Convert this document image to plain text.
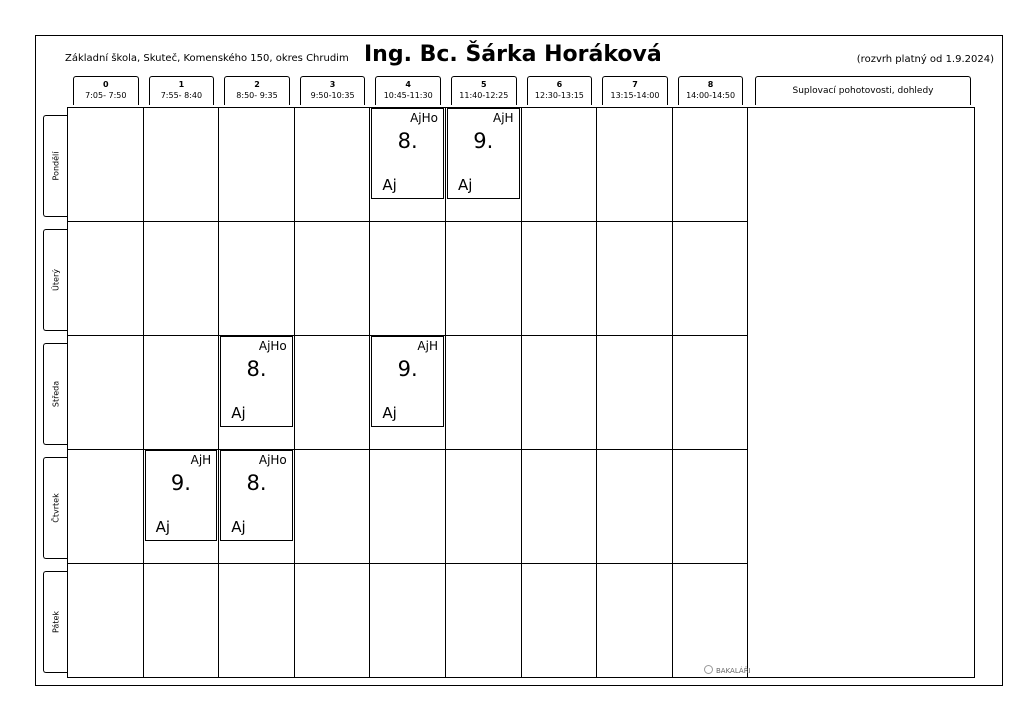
Základní škola, Skuteč, Komenského 150, okres Chrudim Ing. Bc. Šárka Horáková	(rozvrh platný od 1.9.2024)
0
7:05- 7:50
1
7:55- 8:40
2
8:50- 9:35
3
9:50-10:35
4
10:45-11:30
5
11:40-12:25
6
12:30-13:15
7
13:15-14:00
8
14:00-14:50	Suplovací pohotovosti, dohledy
Pondělí
Úterý
Středa
Čtvrtek
Pátek
AjHo
8.
Aj
AjH
9.
Aj
AjHo
8.
Aj
AjH
9.
Aj
AjH
9.
Aj
AjHo
8.
Aj
BAKALÁŘI
